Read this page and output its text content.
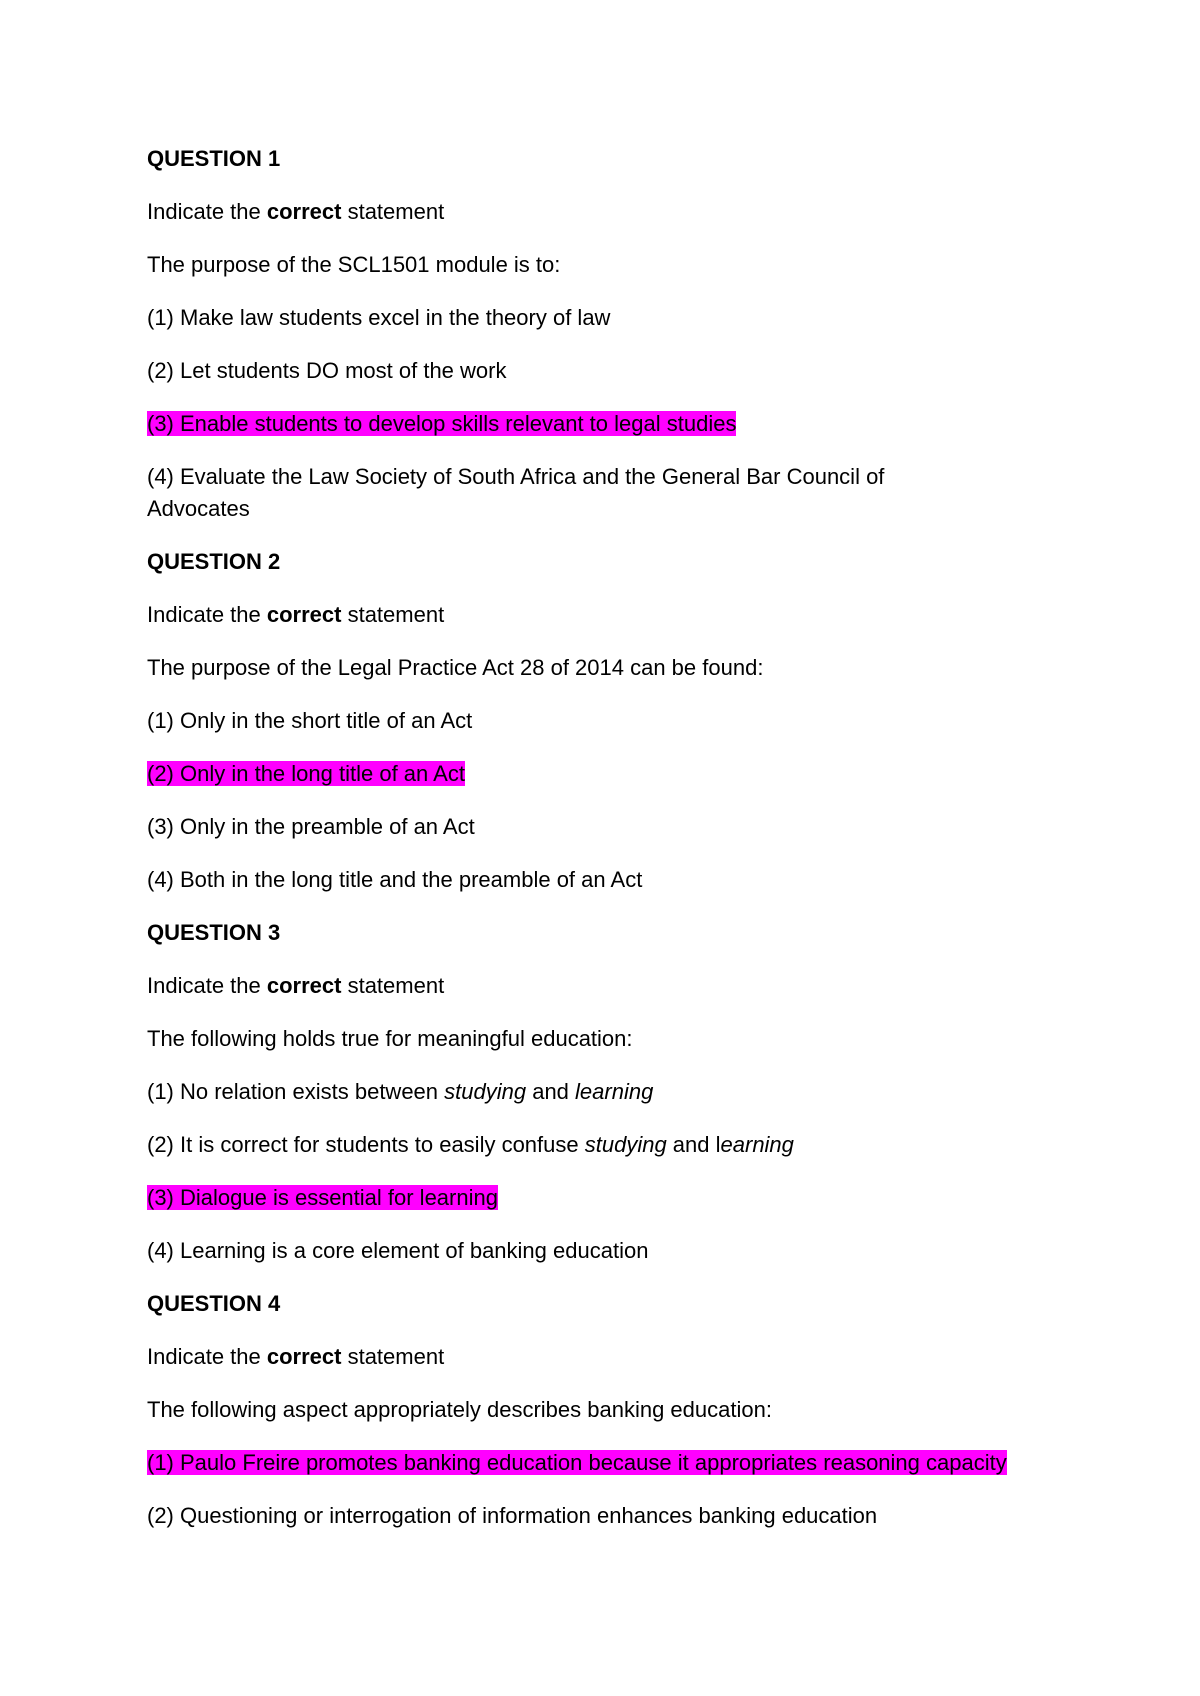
QUESTION 1
Indicate the correct statement
The purpose of the SCL1501 module is to:
(1) Make law students excel in the theory of law
(2) Let students DO most of the work
(3) Enable students to develop skills relevant to legal studies
(4) Evaluate the Law Society of South Africa and the General Bar Council of Advocates
QUESTION 2
Indicate the correct statement
The purpose of the Legal Practice Act 28 of 2014 can be found:
(1) Only in the short title of an Act
(2) Only in the long title of an Act
(3) Only in the preamble of an Act
(4) Both in the long title and the preamble of an Act
QUESTION 3
Indicate the correct statement
The following holds true for meaningful education:
(1) No relation exists between studying and learning
(2) It is correct for students to easily confuse studying and learning
(3) Dialogue is essential for learning
(4) Learning is a core element of banking education
QUESTION 4
Indicate the correct statement
The following aspect appropriately describes banking education:
(1) Paulo Freire promotes banking education because it appropriates reasoning capacity
(2) Questioning or interrogation of information enhances banking education
